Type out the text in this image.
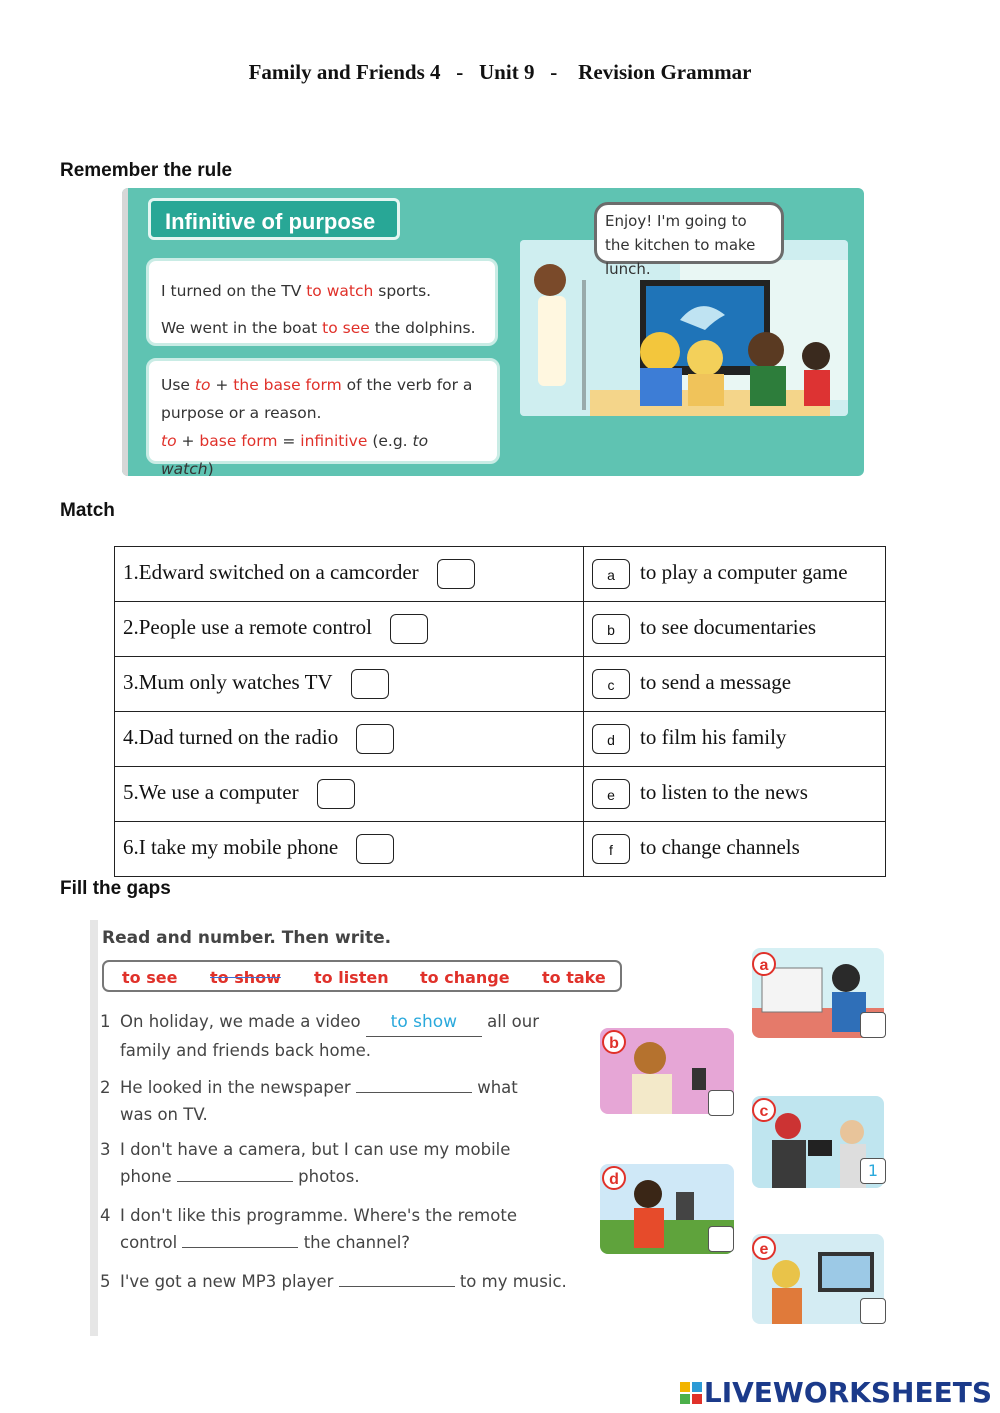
Family and Friends 4   -   Unit 9   -    Revision Grammar
Remember the rule
Infinitive of purpose
I turned on the TV to watch sports.
We went in the boat to see the dolphins.
Use to + the base form of the verb for a
purpose or a reason.
to + base form = infinitive (e.g. to watch)
Enjoy! I'm going to the kitchen to make lunch.
Match
1.Edward switched on a camcorder	a to play a computer game
2.People use a remote control	b to see documentaries
3.Mum only watches TV	c to send a message
4.Dad turned on the radio	d to film his family
5.We use a computer	e to listen to the news
6.I take my mobile phone	f to change channels
Fill the gaps
Read and number. Then write.
to see to show to listen to change to take
1 On holiday, we made a video to show all our
family and friends back home.
2 He looked in the newspaper	what
was on TV.
3 I don't have a camera, but I can use my mobile
phone	photos.
4 I don't like this programme. Where's the remote
control	the channel?
5 I've got a new MP3 player	to my music.
a
b
c
1
d
e
LIVEWORKSHEETS
